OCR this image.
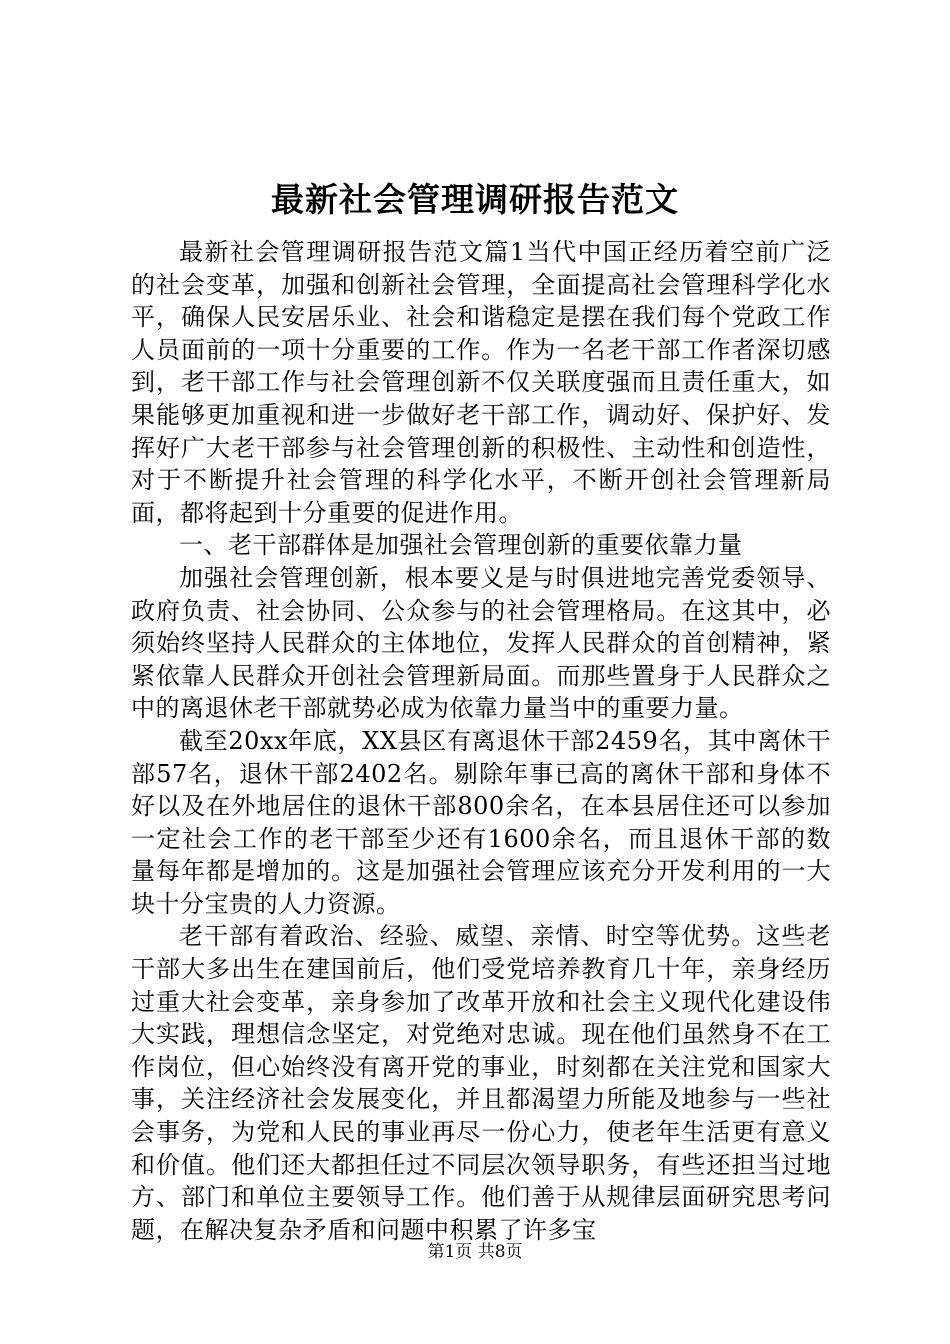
最新社会管理调研报告范文

最新社会管理调研报告范文篇1当代中国正经历着空前广泛的社会变革，加强和创新社会管理，全面提高社会管理科学化水平，确保人民安居乐业、社会和谐稳定是摆在我们每个党政工作人员面前的一项十分重要的工作。作为一名老干部工作者深切感到，老干部工作与社会管理创新不仅关联度强而且责任重大，如果能够更加重视和进一步做好老干部工作，调动好、保护好、发挥好广大老干部参与社会管理创新的积极性、主动性和创造性，对于不断提升社会管理的科学化水平，不断开创社会管理新局面，都将起到十分重要的促进作用。

一、老干部群体是加强社会管理创新的重要依靠力量

加强社会管理创新，根本要义是与时俱进地完善党委领导、政府负责、社会协同、公众参与的社会管理格局。在这其中，必须始终坚持人民群众的主体地位，发挥人民群众的首创精神，紧紧依靠人民群众开创社会管理新局面。而那些置身于人民群众之中的离退休老干部就势必成为依靠力量当中的重要力量。

截至20xx年底，XX县区有离退休干部2459名，其中离休干部57名，退休干部2402名。剔除年事已高的离休干部和身体不好以及在外地居住的退休干部800余名，在本县居住还可以参加一定社会工作的老干部至少还有1600余名，而且退休干部的数量每年都是增加的。这是加强社会管理应该充分开发利用的一大块十分宝贵的人力资源。

老干部有着政治、经验、威望、亲情、时空等优势。这些老干部大多出生在建国前后，他们受党培养教育几十年，亲身经历过重大社会变革，亲身参加了改革开放和社会主义现代化建设伟大实践，理想信念坚定，对党绝对忠诚。现在他们虽然身不在工作岗位，但心始终没有离开党的事业，时刻都在关注党和国家大事，关注经济社会发展变化，并且都渴望力所能及地参与一些社会事务，为党和人民的事业再尽一份心力，使老年生活更有意义和价值。他们还大都担任过不同层次领导职务，有些还担当过地方、部门和单位主要领导工作。他们善于从规律层面研究思考问题，在解决复杂矛盾和问题中积累了许多宝

第1页 共8页
